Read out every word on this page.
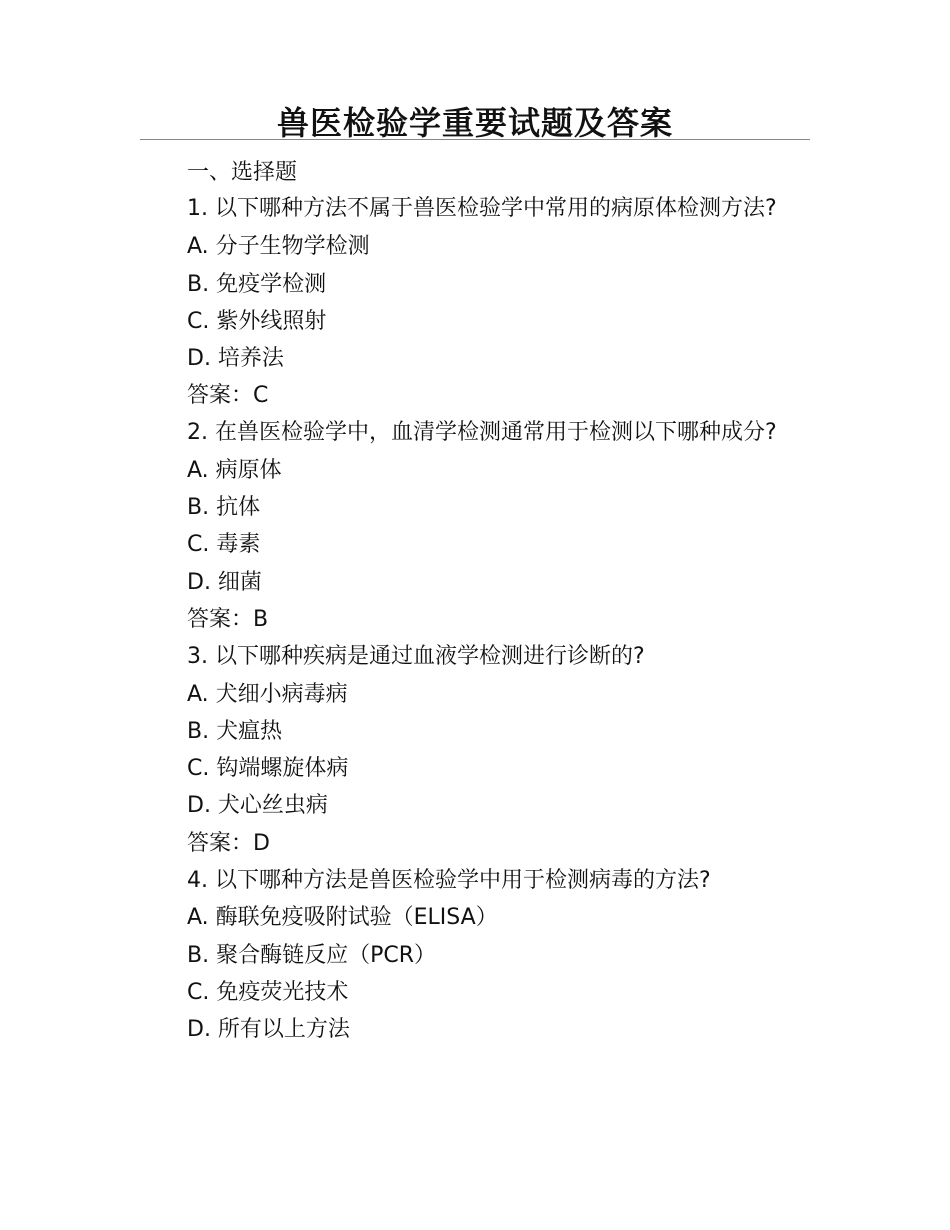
兽医检验学重要试题及答案

一、选择题

1. 以下哪种方法不属于兽医检验学中常用的病原体检测方法?

A. 分子生物学检测

B. 免疫学检测

C. 紫外线照射

D. 培养法

答案：C

2. 在兽医检验学中，血清学检测通常用于检测以下哪种成分?

A. 病原体

B. 抗体

C. 毒素

D. 细菌

答案：B

3. 以下哪种疾病是通过血液学检测进行诊断的?

A. 犬细小病毒病

B. 犬瘟热

C. 钩端螺旋体病

D. 犬心丝虫病

答案：D

4. 以下哪种方法是兽医检验学中用于检测病毒的方法?

A. 酶联免疫吸附试验（ELISA）

B. 聚合酶链反应（PCR）

C. 免疫荧光技术

D. 所有以上方法
